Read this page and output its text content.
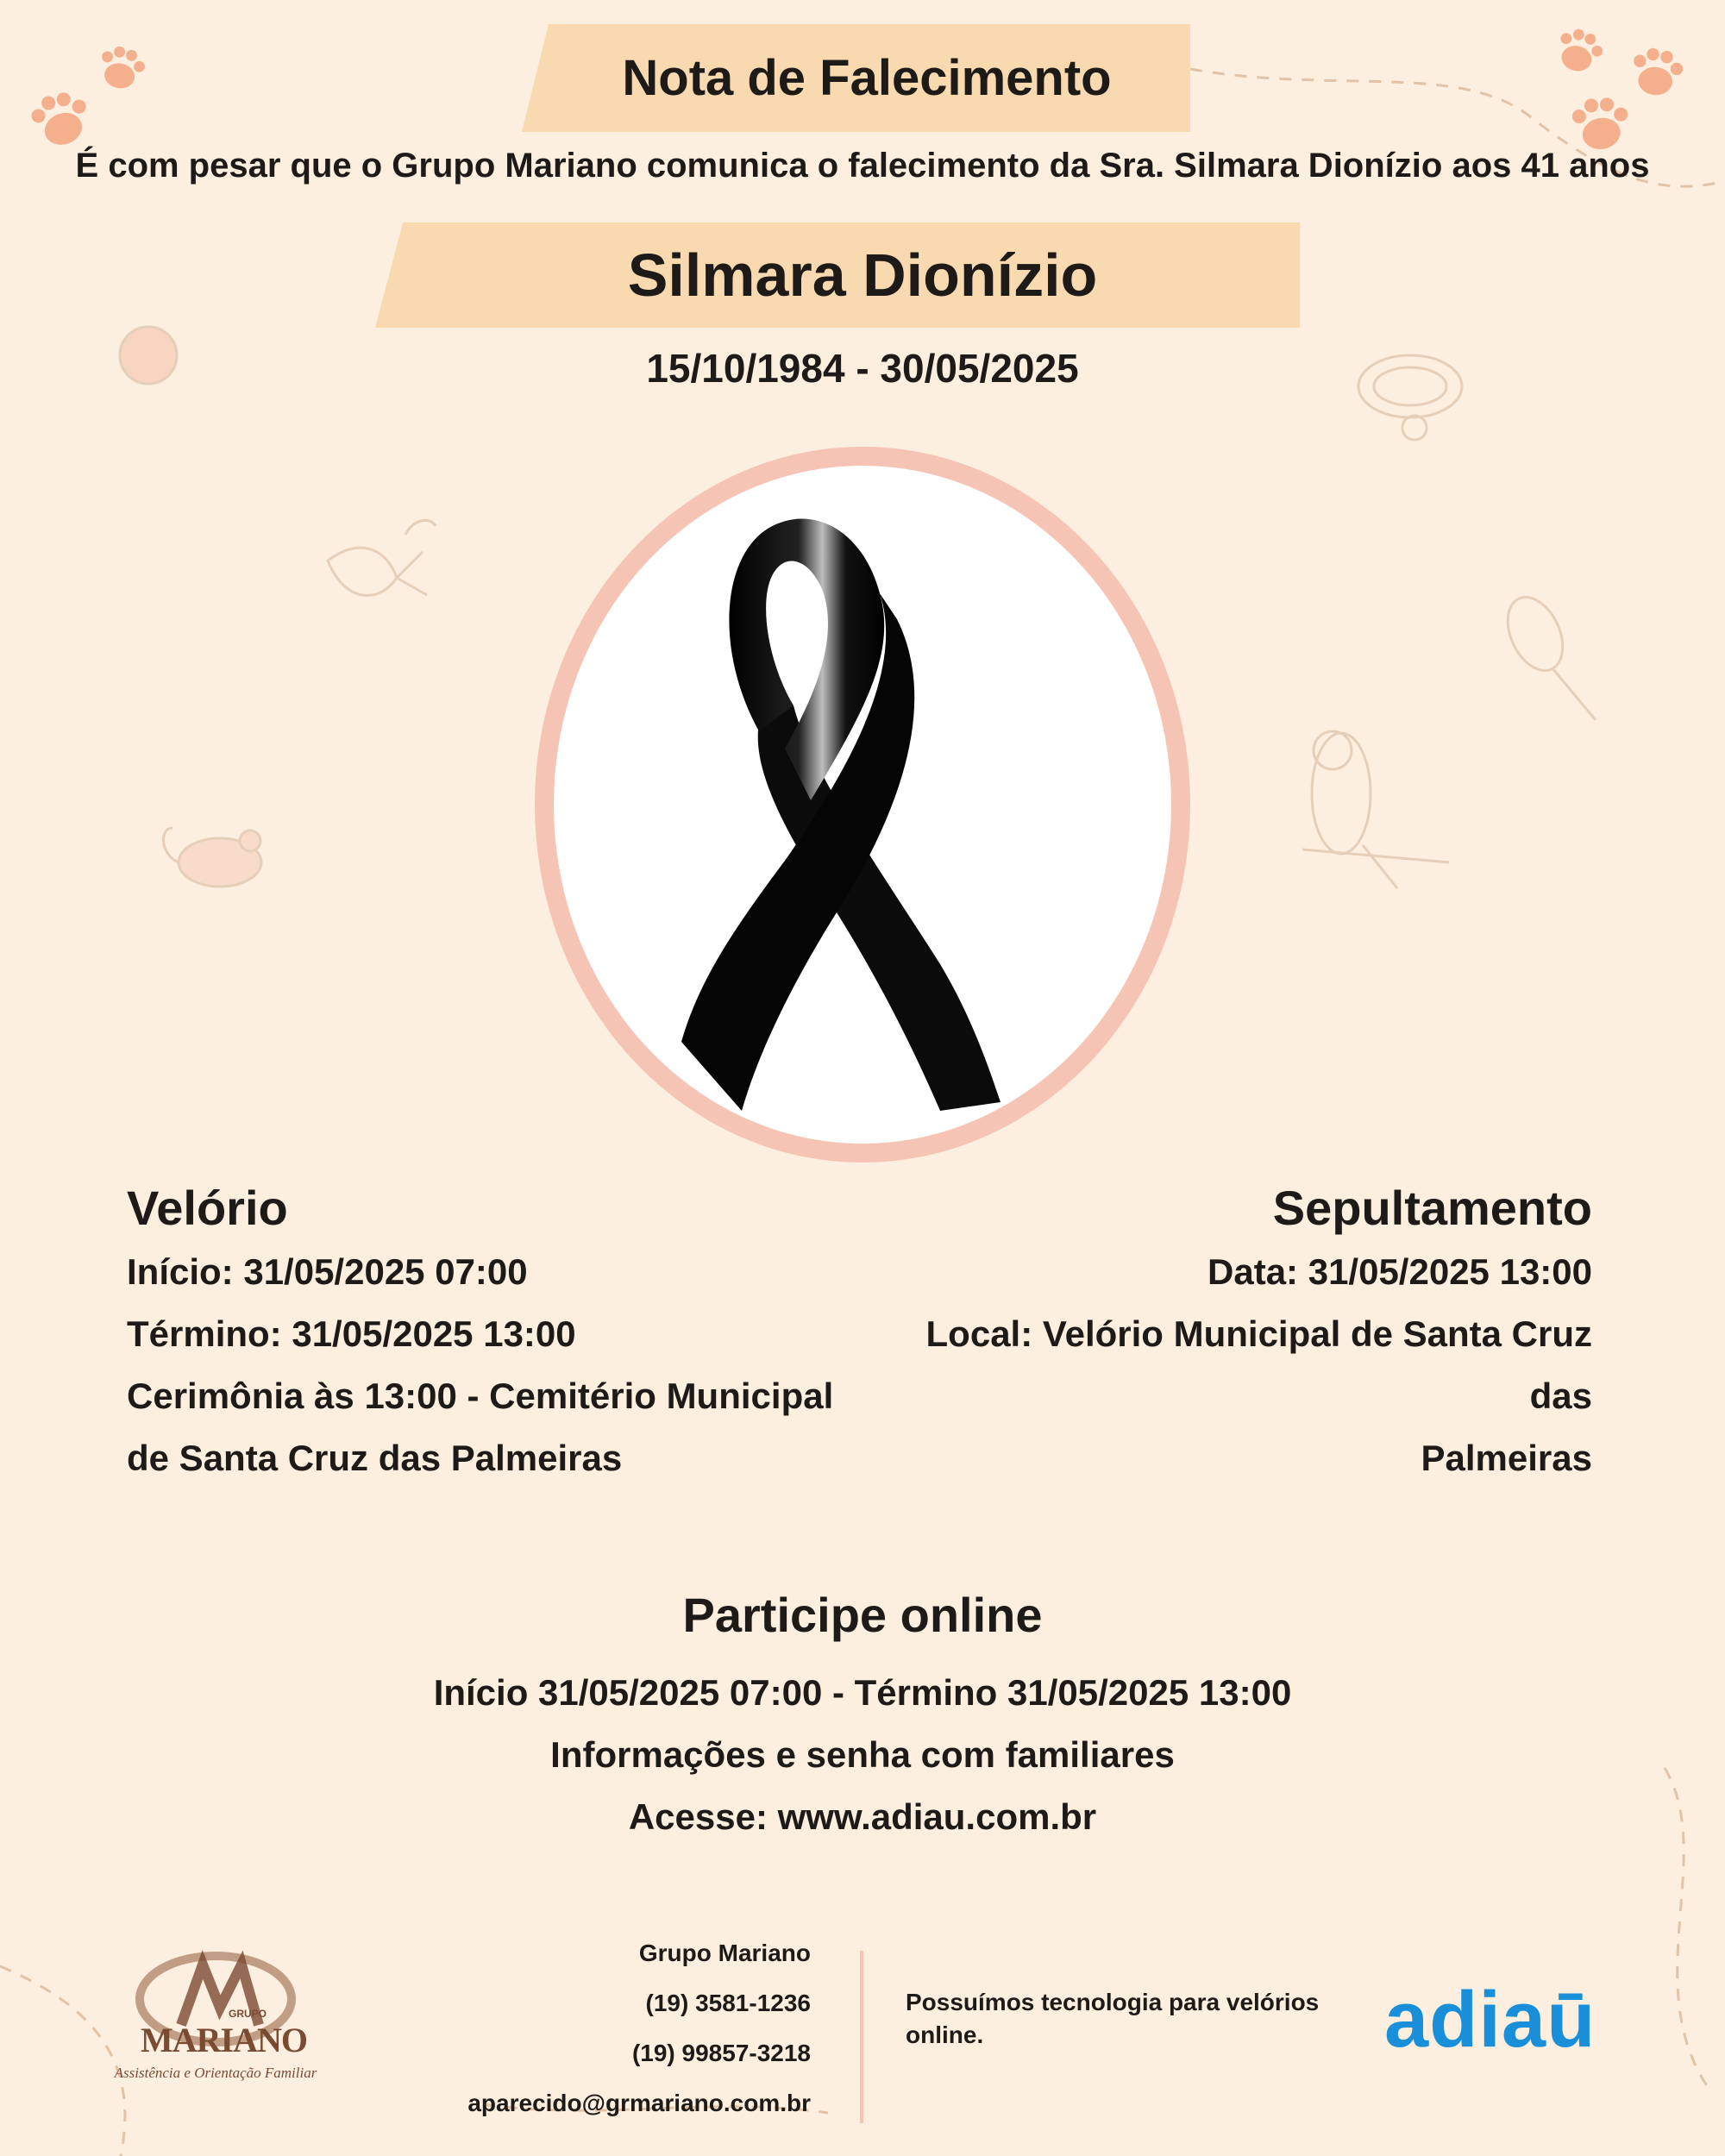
Nota de Falecimento
É com pesar que o Grupo Mariano comunica o falecimento da Sra. Silmara Dionízio aos 41 anos
Silmara Dionízio
15/10/1984 - 30/05/2025
Velório
Início: 31/05/2025 07:00
Término: 31/05/2025 13:00
Cerimônia às 13:00 - Cemitério Municipal
de Santa Cruz das Palmeiras
Sepultamento
Data: 31/05/2025 13:00
Local: Velório Municipal de Santa Cruz das
Palmeiras
Participe online
Início 31/05/2025 07:00 - Término 31/05/2025 13:00
Informações e senha com familiares
Acesse: www.adiau.com.br
GRUPO
MARIANO
Assistência e Orientação Familiar
Grupo Mariano
(19) 3581-1236
(19) 99857-3218
aparecido@grmariano.com.br
Possuímos tecnologia para velórios online.	adiaū
